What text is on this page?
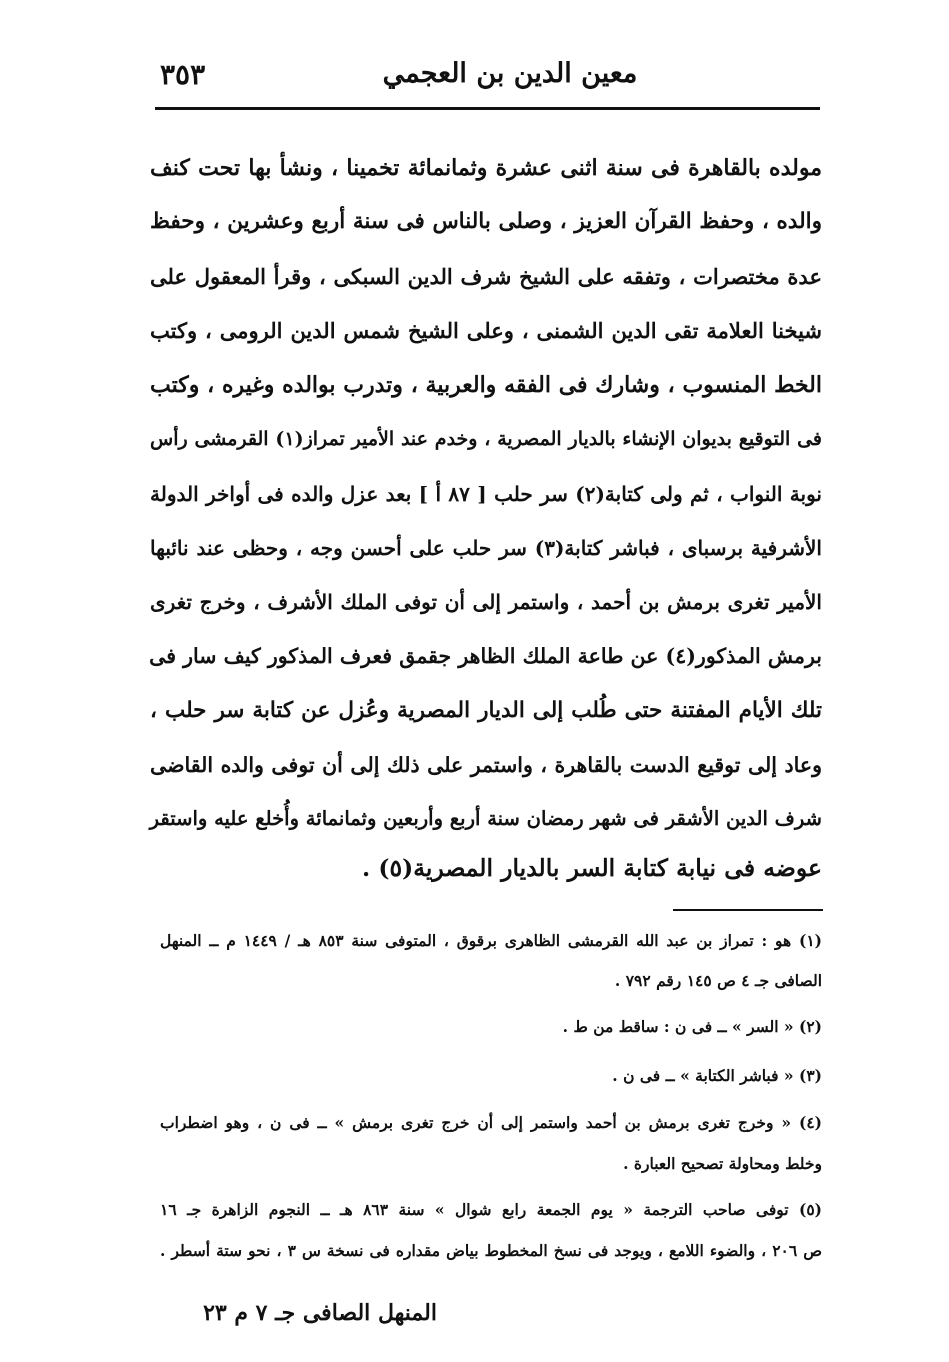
معين الدين بن العجمي
٣٥٣
مولده بالقاهرة فى سنة اثنى عشرة وثمانمائة تخمينا ، ونشأ بها تحت كنف
والده ، وحفظ القرآن العزيز ، وصلى بالناس فى سنة أربع وعشرين ، وحفظ
عدة مختصرات ، وتفقه على الشيخ شرف الدين السبكى ، وقرأ المعقول على
شيخنا العلامة تقى الدين الشمنى ، وعلى الشيخ شمس الدين الرومى ، وكتب
الخط المنسوب ، وشارك فى الفقه والعربية ، وتدرب بوالده وغيره ، وكتب
فى التوقيع بديوان الإنشاء بالديار المصرية ، وخدم عند الأمير تمراز(١) القرمشى رأس
نوبة النواب ، ثم ولى كتابة(٢) سر حلب [ ٨٧ أ ] بعد عزل والده فى أواخر الدولة
الأشرفية برسباى ، فباشر كتابة(٣) سر حلب على أحسن وجه ، وحظى عند نائبها
الأمير تغرى برمش بن أحمد ، واستمر إلى أن توفى الملك الأشرف ، وخرج تغرى
برمش المذكور(٤) عن طاعة الملك الظاهر جقمق فعرف المذكور كيف سار فى
تلك الأيام المفتنة حتى طُلب إلى الديار المصرية وعُزل عن كتابة سر حلب ،
وعاد إلى توقيع الدست بالقاهرة ، واستمر على ذلك إلى أن توفى والده القاضى
شرف الدين الأشقر فى شهر رمضان سنة أربع وأربعين وثمانمائة وأُخلع عليه واستقر
عوضه فى نيابة كتابة السر بالديار المصرية(٥) .
(١) هو : تمراز بن عبد الله القرمشى الظاهرى برقوق ، المتوفى سنة ٨٥٣ هـ / ١٤٤٩ م ــ المنهل
الصافى جـ ٤ ص ١٤٥ رقم ٧٩٢ .
(٢) « السر » ــ فى ن : ساقط من ط .
(٣) « فباشر الكتابة » ــ فى ن .
(٤) « وخرج تغرى برمش بن أحمد واستمر إلى أن خرج تغرى برمش » ــ فى ن ، وهو اضطراب
وخلط ومحاولة تصحيح العبارة .
(٥) توفى صاحب الترجمة « يوم الجمعة رابع شوال » سنة ٨٦٣ هـ ــ النجوم الزاهرة جـ ١٦
ص ٢٠٦ ، والضوء اللامع ، ويوجد فى نسخ المخطوط بياض مقداره فى نسخة س ٣ ، نحو ستة أسطر .
المنهل الصافى جـ ٧ م ٢٣
